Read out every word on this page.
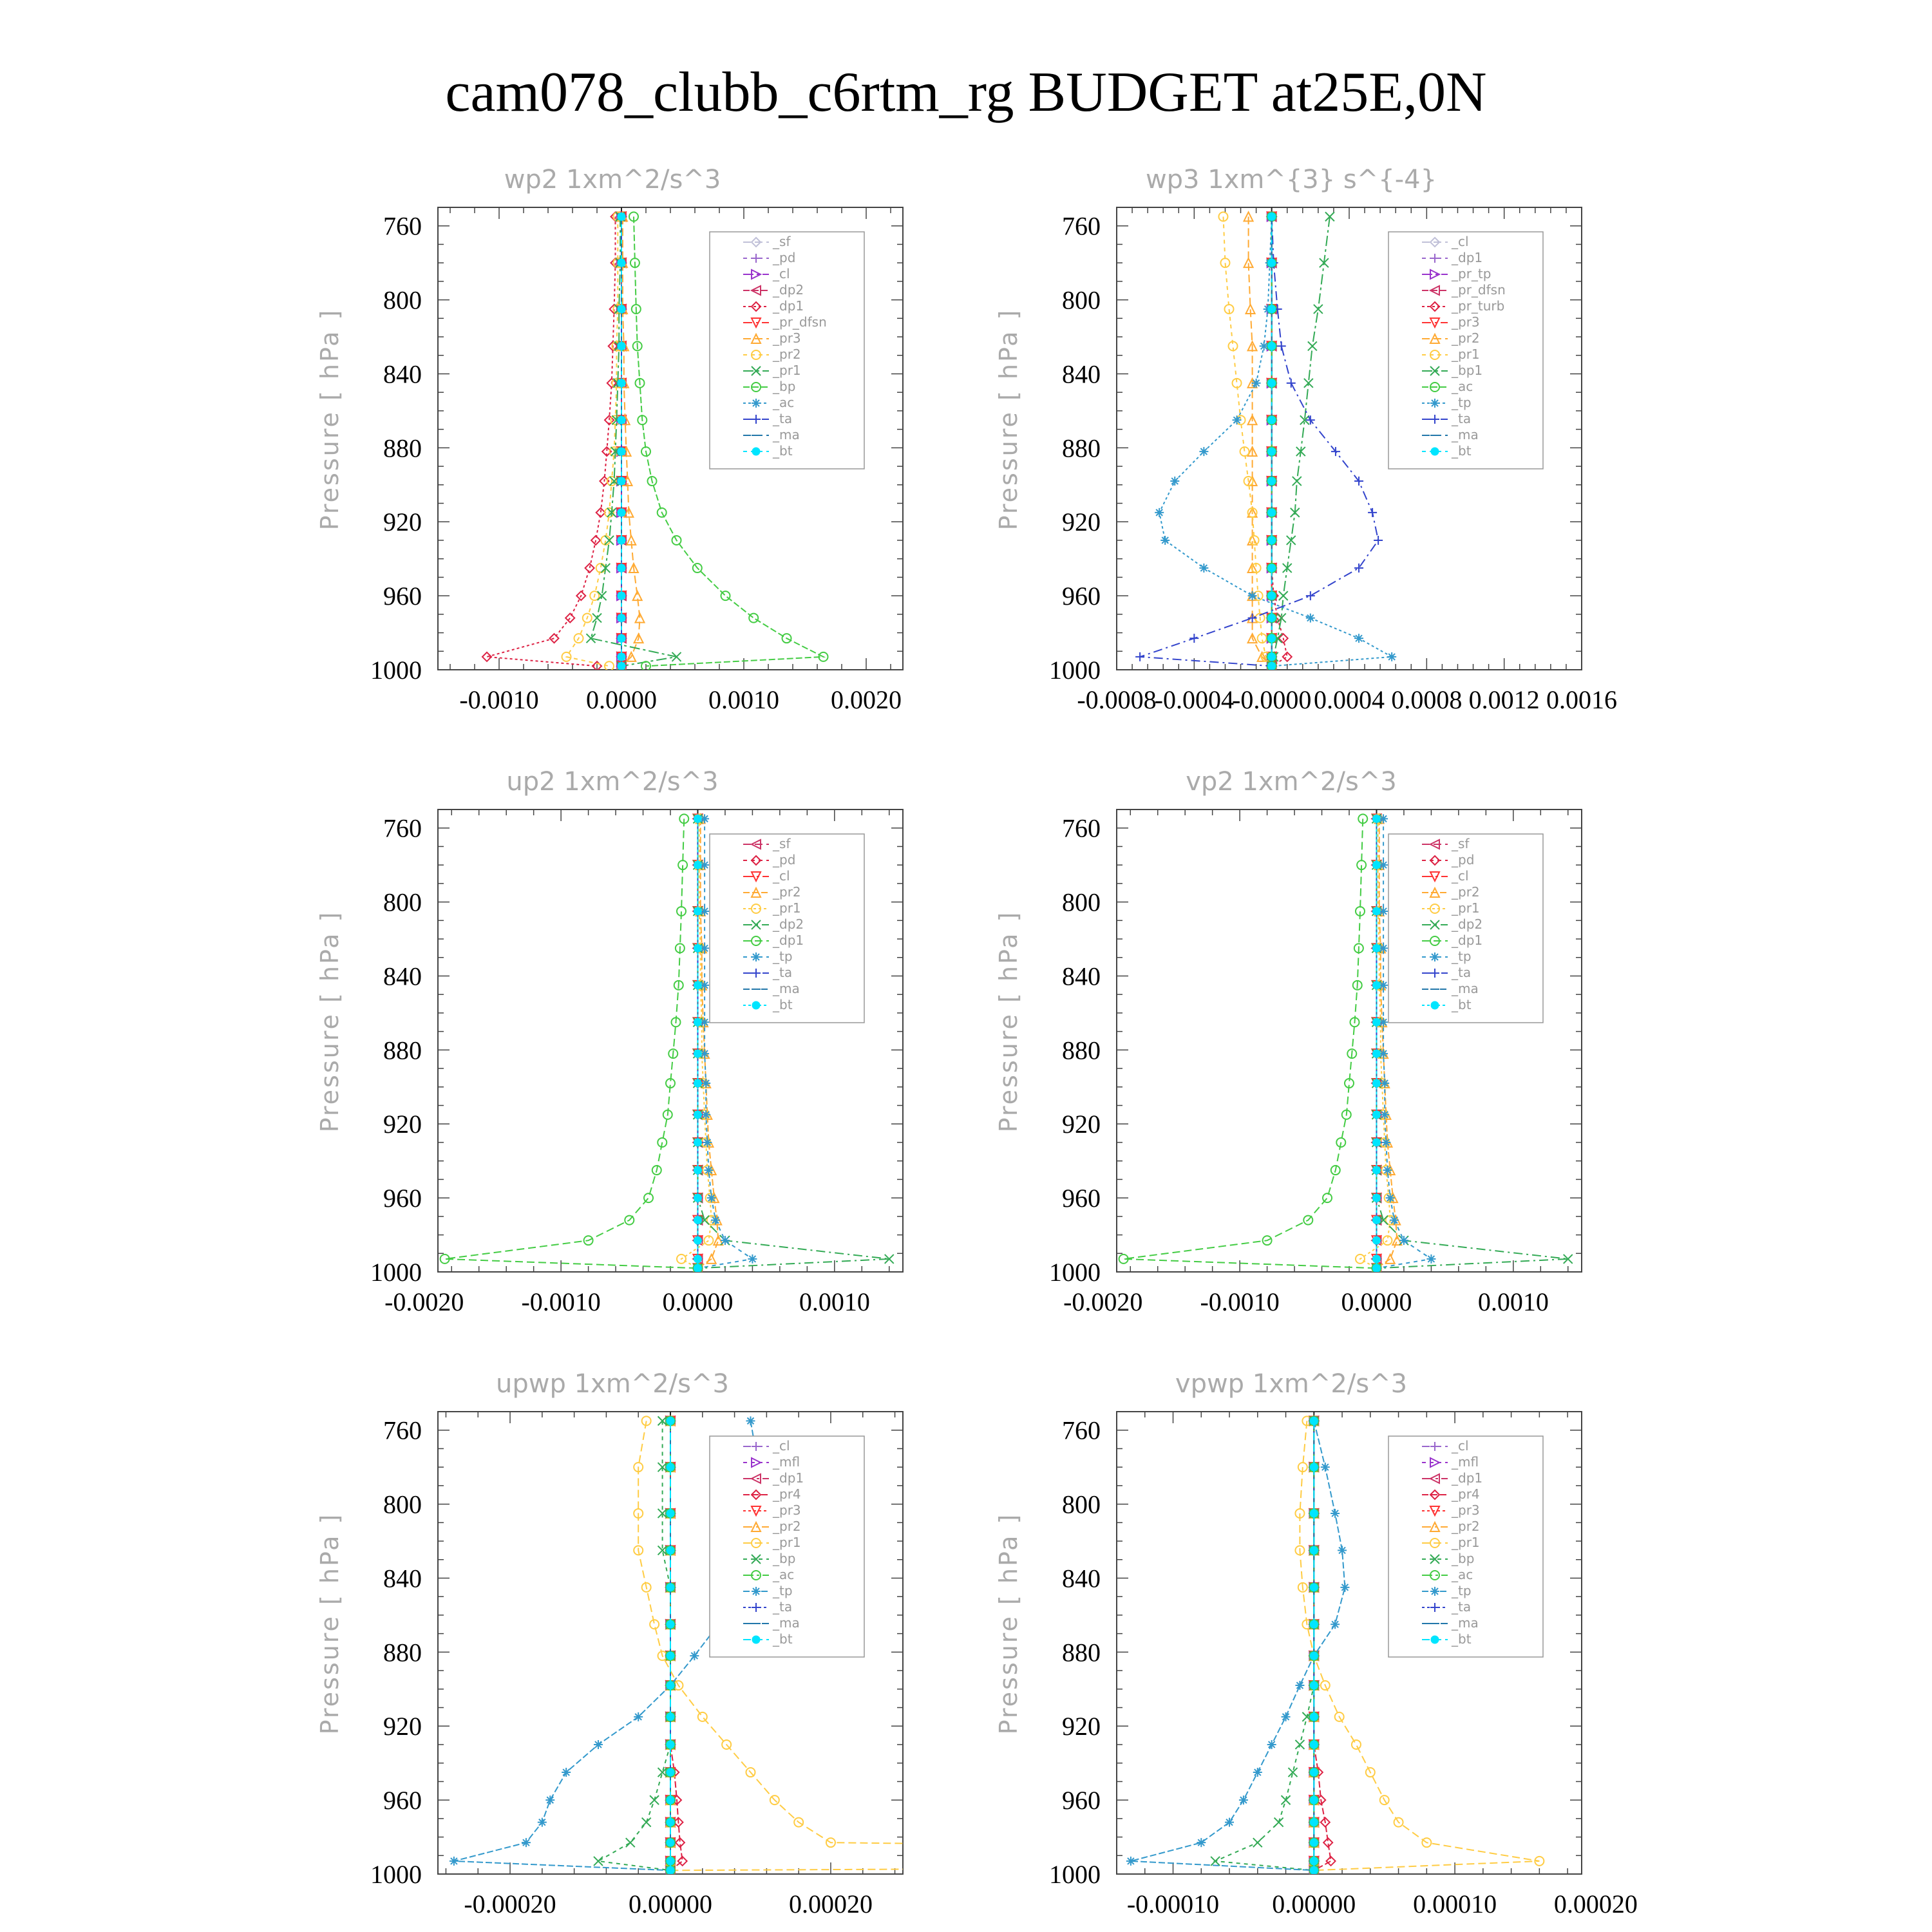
cam078_clubb_c6rtm_rg BUDGET at25E,0N
wp2 1xm^2/s^3
Pressure [ hPa ]
760
800
840
880
920
960
1000
-0.0010 0.0000 0.0010 0.0020
_sf
_pd
_cl
_dp2
_dp1
_pr_dfsn
_pr3
_pr2
_pr1
_bp
_ac
_ta
_ma
_bt
wp3 1xm^{3} s^{-4}
Pressure [ hPa ]
760
800
840
880
920
960
1000
-0.0008
-0.0004
-0.0000 0.0004 0.0008 0.0012 0.0016
_cl
_dp1
_pr_tp
_pr_dfsn
_pr_turb
_pr3
_pr2
_pr1
_bp1
_ac
_tp
_ta
_ma
_bt
up2 1xm^2/s^3
Pressure [ hPa ]
760
800
840
880
920
960
1000
-0.0020 -0.0010 0.0000	0.0010
_sf
_pd
_cl
_pr2
_pr1
_dp2
_dp1
_tp
_ta
_ma
_bt
vp2 1xm^2/s^3
Pressure [ hPa ]
760
800
840
880
920
960
1000
-0.0020 -0.0010 0.0000	0.0010
_sf
_pd
_cl
_pr2
_pr1
_dp2
_dp1
_tp
_ta
_ma
_bt
upwp 1xm^2/s^3
Pressure [ hPa ]
760
800
840
880
920
960
1000
-0.00020	0.00000	0.00020
_cl
_mfl
_dp1
_pr4
_pr3
_pr2
_pr1
_bp
_ac
_tp
_ta
_ma
_bt
vpwp 1xm^2/s^3
Pressure [ hPa ]
760
800
840
880
920
960
1000
-0.00010 0.00000 0.00010 0.00020
_cl
_mfl
_dp1
_pr4
_pr3
_pr2
_pr1
_bp
_ac
_tp
_ta
_ma
_bt
